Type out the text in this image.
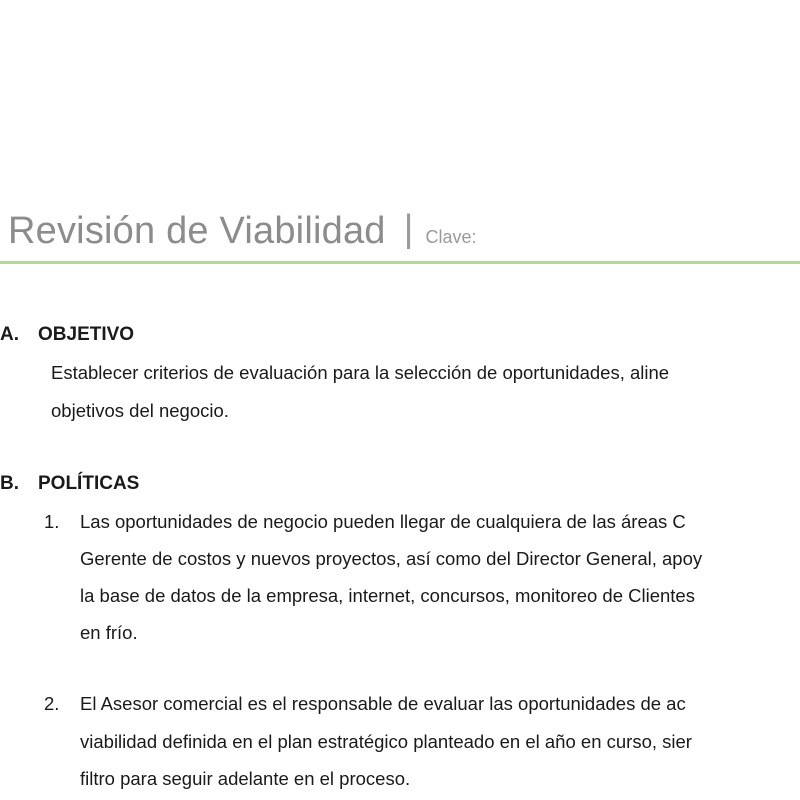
Revisión de Viabilidad | Clave:
A. OBJETIVO
Establecer criterios de evaluación para la selección de oportunidades, aline
objetivos del negocio.
B. POLÍTICAS
1. Las oportunidades de negocio pueden llegar de cualquiera de las áreas C
Gerente de costos y nuevos proyectos, así como del Director General, apoy
la base de datos de la empresa, internet, concursos, monitoreo de Clientes
en frío.
2. El Asesor comercial es el responsable de evaluar las oportunidades de ac
viabilidad definida en el plan estratégico planteado en el año en curso, sier
filtro para seguir adelante en el proceso.
